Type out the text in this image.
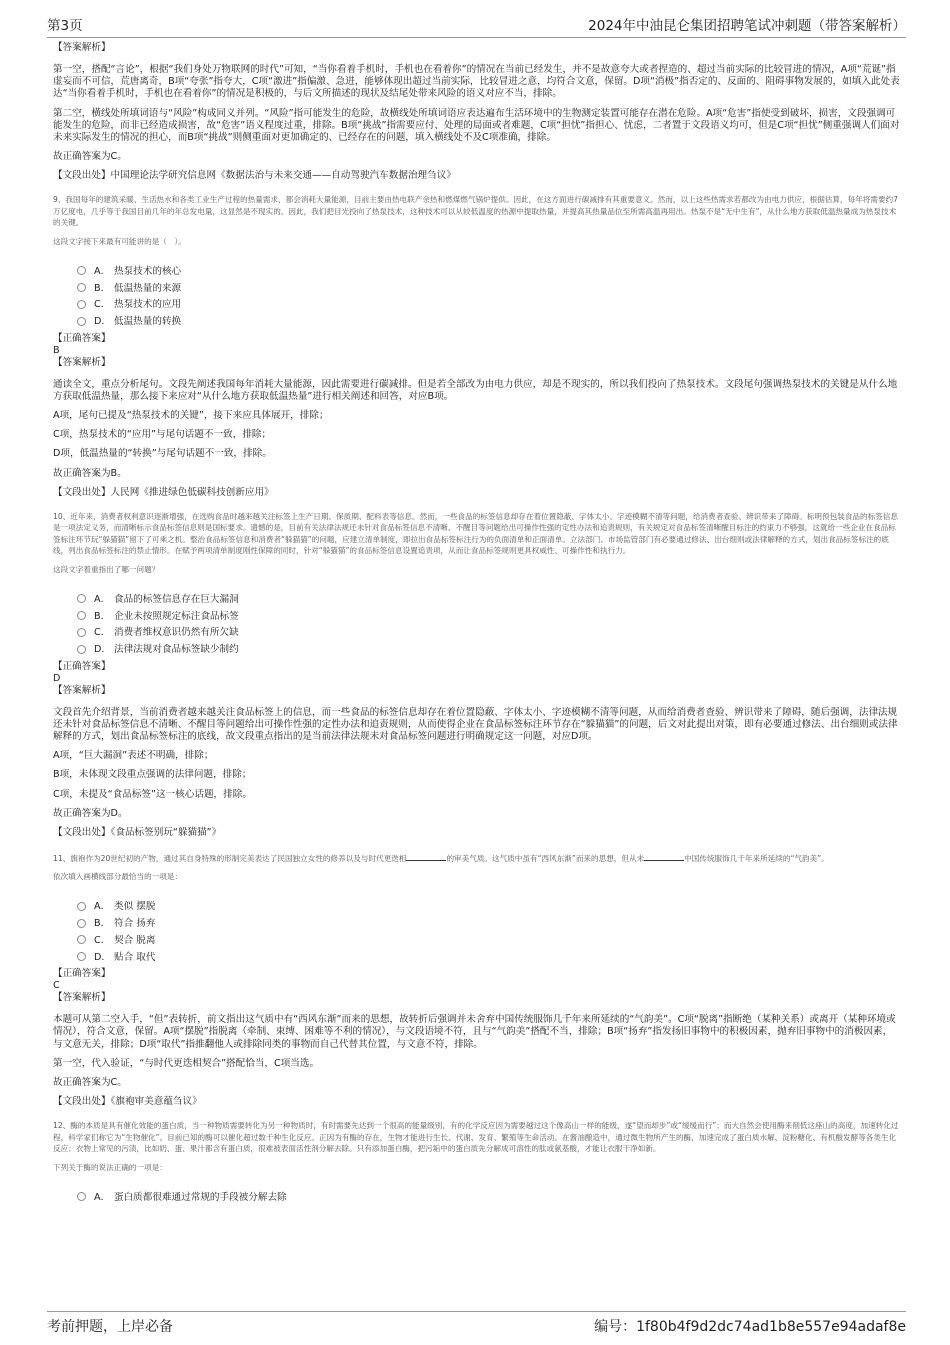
第3页	2024年中油昆仑集团招聘笔试冲刺题（带答案解析）
【答案解析】
第一空，搭配“言论”，根据“我们身处万物联网的时代”可知，“当你看着手机时，手机也在看着你”的情况在当前已经发生，并不是故意夸大或者捏造的、超过当前实际的比较冒进的情况，A项“荒诞”指虚妄而不可信，荒唐离奇，B项“夸张”指夸大，C项“激进”指偏激、急进，能够体现出超过当前实际，比较冒进之意，均符合文意，保留。D项“消极”指否定的、反面的、阻碍事物发展的，如填入此处表达“当你看着手机时，手机也在看着你”的情况是积极的，与后文所描述的现状及结尾处带来风险的语义对应不当，排除。
第二空，横线处所填词语与“风险”构成同义并列。“风险”指可能发生的危险，故横线处所填词语应表达遍布生活环境中的生物测定装置可能存在潜在危险。A项“危害”指使受到破坏，损害，文段强调可能发生的危险，而非已经造成损害，故“危害”语义程度过重，排除。B项“挑战”指需要应付、处理的局面或者难题，C项“担忧”指担心、忧虑，二者置于文段语义均可，但是C项“担忧”侧重强调人们面对未来实际发生的情况的担心，而B项“挑战”则侧重面对更加确定的、已经存在的问题，填入横线处不及C项准确，排除。
故正确答案为C。
【文段出处】中国理论法学研究信息网《数据法治与未来交通——自动驾驶汽车数据治理刍议》
9、我国每年的建筑采暖、生活热水和各类工业生产过程的热量需求，都会消耗大量能源，目前主要由热电联产余热和燃煤燃气锅炉提供。因此，在这方面进行碳减排有其重要意义。然而，以上这些热需求若都改为由电力供应，根据估算，每年将需要约7万亿度电，几乎等于我国目前几年的年总发电量，这显然是不现实的。因此，我们把目光投向了热泵技术，这种技术可以从较低温度的热源中提取热量，并提高其热量品位至所需高温再用出。热泵不是“无中生有”，从什么地方获取低温热量成为热泵技术的关键。
这段文字接下来最有可能讲的是（　）。
A． 热泵技术的核心
B． 低温热量的来源
C． 热泵技术的应用
D． 低温热量的转换
【正确答案】
B
【答案解析】
通读全文，重点分析尾句。文段先阐述我国每年消耗大量能源，因此需要进行碳减排。但是若全部改为由电力供应，却是不现实的，所以我们投向了热泵技术。文段尾句强调热泵技术的关键是从什么地方获取低温热量，那么接下来应对“从什么地方获取低温热量”进行相关阐述和回答，对应B项。
A项，尾句已提及“热泵技术的关键”，接下来应具体展开，排除；
C项，热泵技术的“应用”与尾句话题不一致，排除；
D项，低温热量的“转换”与尾句话题不一致，排除。
故正确答案为B。
【文段出处】人民网《推进绿色低碳科技创新应用》
10、近年来，消费者权利意识逐渐增强，在选购食品时越来越关注标签上生产日期、保质期、配料表等信息。然而，一些食品的标签信息却存在着位置隐蔽、字体太小、字迹模糊不清等问题，给消费者查验、辨识带来了障碍。标明预包装食品的标签信息是一项法定义务，而清晰标示食品标签信息则是国标要求。遗憾的是，目前有关法律法规还未针对食品标签信息不清晰、不醒目等问题给出可操作性强的定性办法和追责规则，有关规定对食品标签清晰醒目标注的约束力不够强，这就给一些企业在食品标签标注环节玩“躲猫猫”留下了可乘之机。整治食品标签信息和消费者“躲猫猫”的问题，应建立清单制度，即拉出食品标签标注行为的负面清单和正面清单。立法部门、市场监管部门有必要通过修法、出台细则或法律解释的方式，划出食品标签标注的底线，列出食品标签标注的禁止情形。在赋予两项清单制度刚性保障的同时，针对“躲猫猫”的食品标签信息设置追责项，从而让食品标签规则更具权威性、可操作性和执行力。
这段文字着重指出了哪一问题？
A． 食品的标签信息存在巨大漏洞
B． 企业未按照规定标注食品标签
C． 消费者维权意识仍然有所欠缺
D． 法律法规对食品标签缺少制约
【正确答案】
D
【答案解析】
文段首先介绍背景，当前消费者越来越关注食品标签上的信息，而一些食品的标签信息却存在着位置隐蔽、字体太小、字迹模糊不清等问题，从而给消费者查验、辨识带来了障碍，随后强调，法律法规还未针对食品标签信息不清晰、不醒目等问题给出可操作性强的定性办法和追责规则，从而使得企业在食品标签标注环节存在“躲猫猫”的问题，后文对此提出对策，即有必要通过修法、出台细则或法律解释的方式，划出食品标签标注的底线，故文段重点指出的是当前法律法规未对食品标签问题进行明确规定这一问题，对应D项。
A项，“巨大漏洞”表述不明确，排除；
B项，未体现文段重点强调的法律问题，排除；
C项，未提及“食品标签”这一核心话题，排除。
故正确答案为D。
【文段出处】《食品标签别玩“躲猫猫”》
11、旗袍作为20世纪初的产物，通过其自身特殊的形制完美表达了民国独立女性的修养以及与时代更迭相	的审美气质。这气质中虽有“西风东渐”而来的思想，但从未	中国传统服饰几千年来所延续的“气韵美”。
依次填入画横线部分最恰当的一项是：
A． 类似 摆脱
B． 符合 扬弃
C． 契合 脱离
D． 贴合 取代
【正确答案】
C
【答案解析】
本题可从第二空入手，“但”表转折，前文指出这气质中有“西风东渐”而来的思想，故转折后强调并未舍弃中国传统服饰几千年来所延续的“气韵美”。C项“脱离”指断绝（某种关系）或离开（某种环境或情况），符合文意，保留。A项“摆脱”指脱离（牵制、束缚、困难等不利的情况），与文段语境不符，且与“气韵美”搭配不当，排除；B项“扬弃”指发扬旧事物中的积极因素，抛弃旧事物中的消极因素，与文意无关，排除；D项“取代”指推翻他人或排除同类的事物而自己代替其位置，与文意不符，排除。
第一空，代入验证，“与时代更迭相契合”搭配恰当，C项当选。
故正确答案为C。
【文段出处】《旗袍审美意蕴刍议》
12、酶的本质是具有催化效能的蛋白质，当一种物质需要转化为另一种物质时，有时需要先达到一个很高的能量级别，有的化学反应因为需要越过这个像高山一样的能级，遂“望而却步”或“缓缓而行”；而大自然会使用酶来削低这座山的高度，加速转化过程，科学家们称它为“生物催化”。目前已知的酶可以催化超过数千种生化反应。正因为有酶的存在，生物才能进行生长、代谢、发育、繁殖等生命活动。在酱油酿造中，通过微生物所产生的酶，加速完成了蛋白质水解、淀粉糖化、有机酸发酵等各类生化反应；衣物上常见的污渍，比如奶、蛋、果汁都含有蛋白质，很难被表面活性剂分解去除。只有添加蛋白酶，把污垢中的蛋白质先分解成可溶性的肽或氨基酸，才能让衣服干净如新。
下列关于酶的说法正确的一项是：
A． 蛋白质都很难通过常规的手段被分解去除
考前押题，上岸必备	编号：1f80b4f9d2dc74ad1b8e557e94adaf8e
